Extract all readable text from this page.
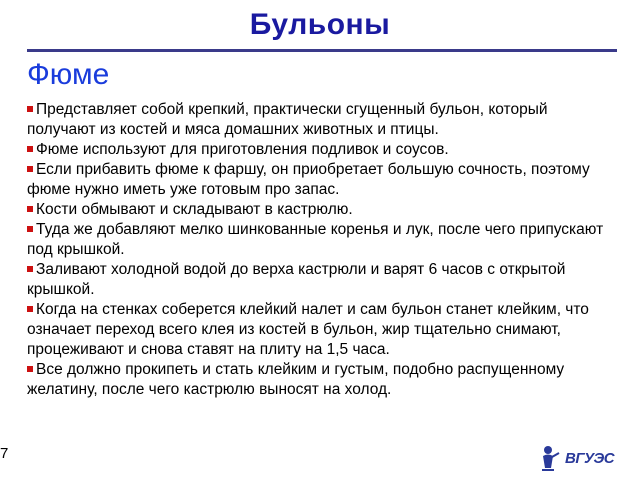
Бульоны
Фюме
Представляет собой крепкий, практически сгущенный бульон, который получают из костей и мяса домашних животных и птицы.
Фюме используют для приготовления подливок и соусов.
Если прибавить фюме к фаршу, он приобретает большую сочность, поэтому фюме нужно иметь уже готовым про запас.
Кости обмывают и складывают в кастрюлю.
Туда же добавляют мелко шинкованные коренья и лук, после чего припускают под крышкой.
Заливают холодной водой до верха кастрюли и варят 6 часов с открытой крышкой.
Когда на стенках соберется клейкий налет и сам бульон станет клейким, что означает переход всего клея из костей в бульон, жир тщательно снимают, процеживают и снова ставят на плиту на 1,5 часа.
Все должно прокипеть и стать клейким и густым, подобно распущенному желатину, после чего кастрюлю выносят на холод.
7	ВГУЭС
